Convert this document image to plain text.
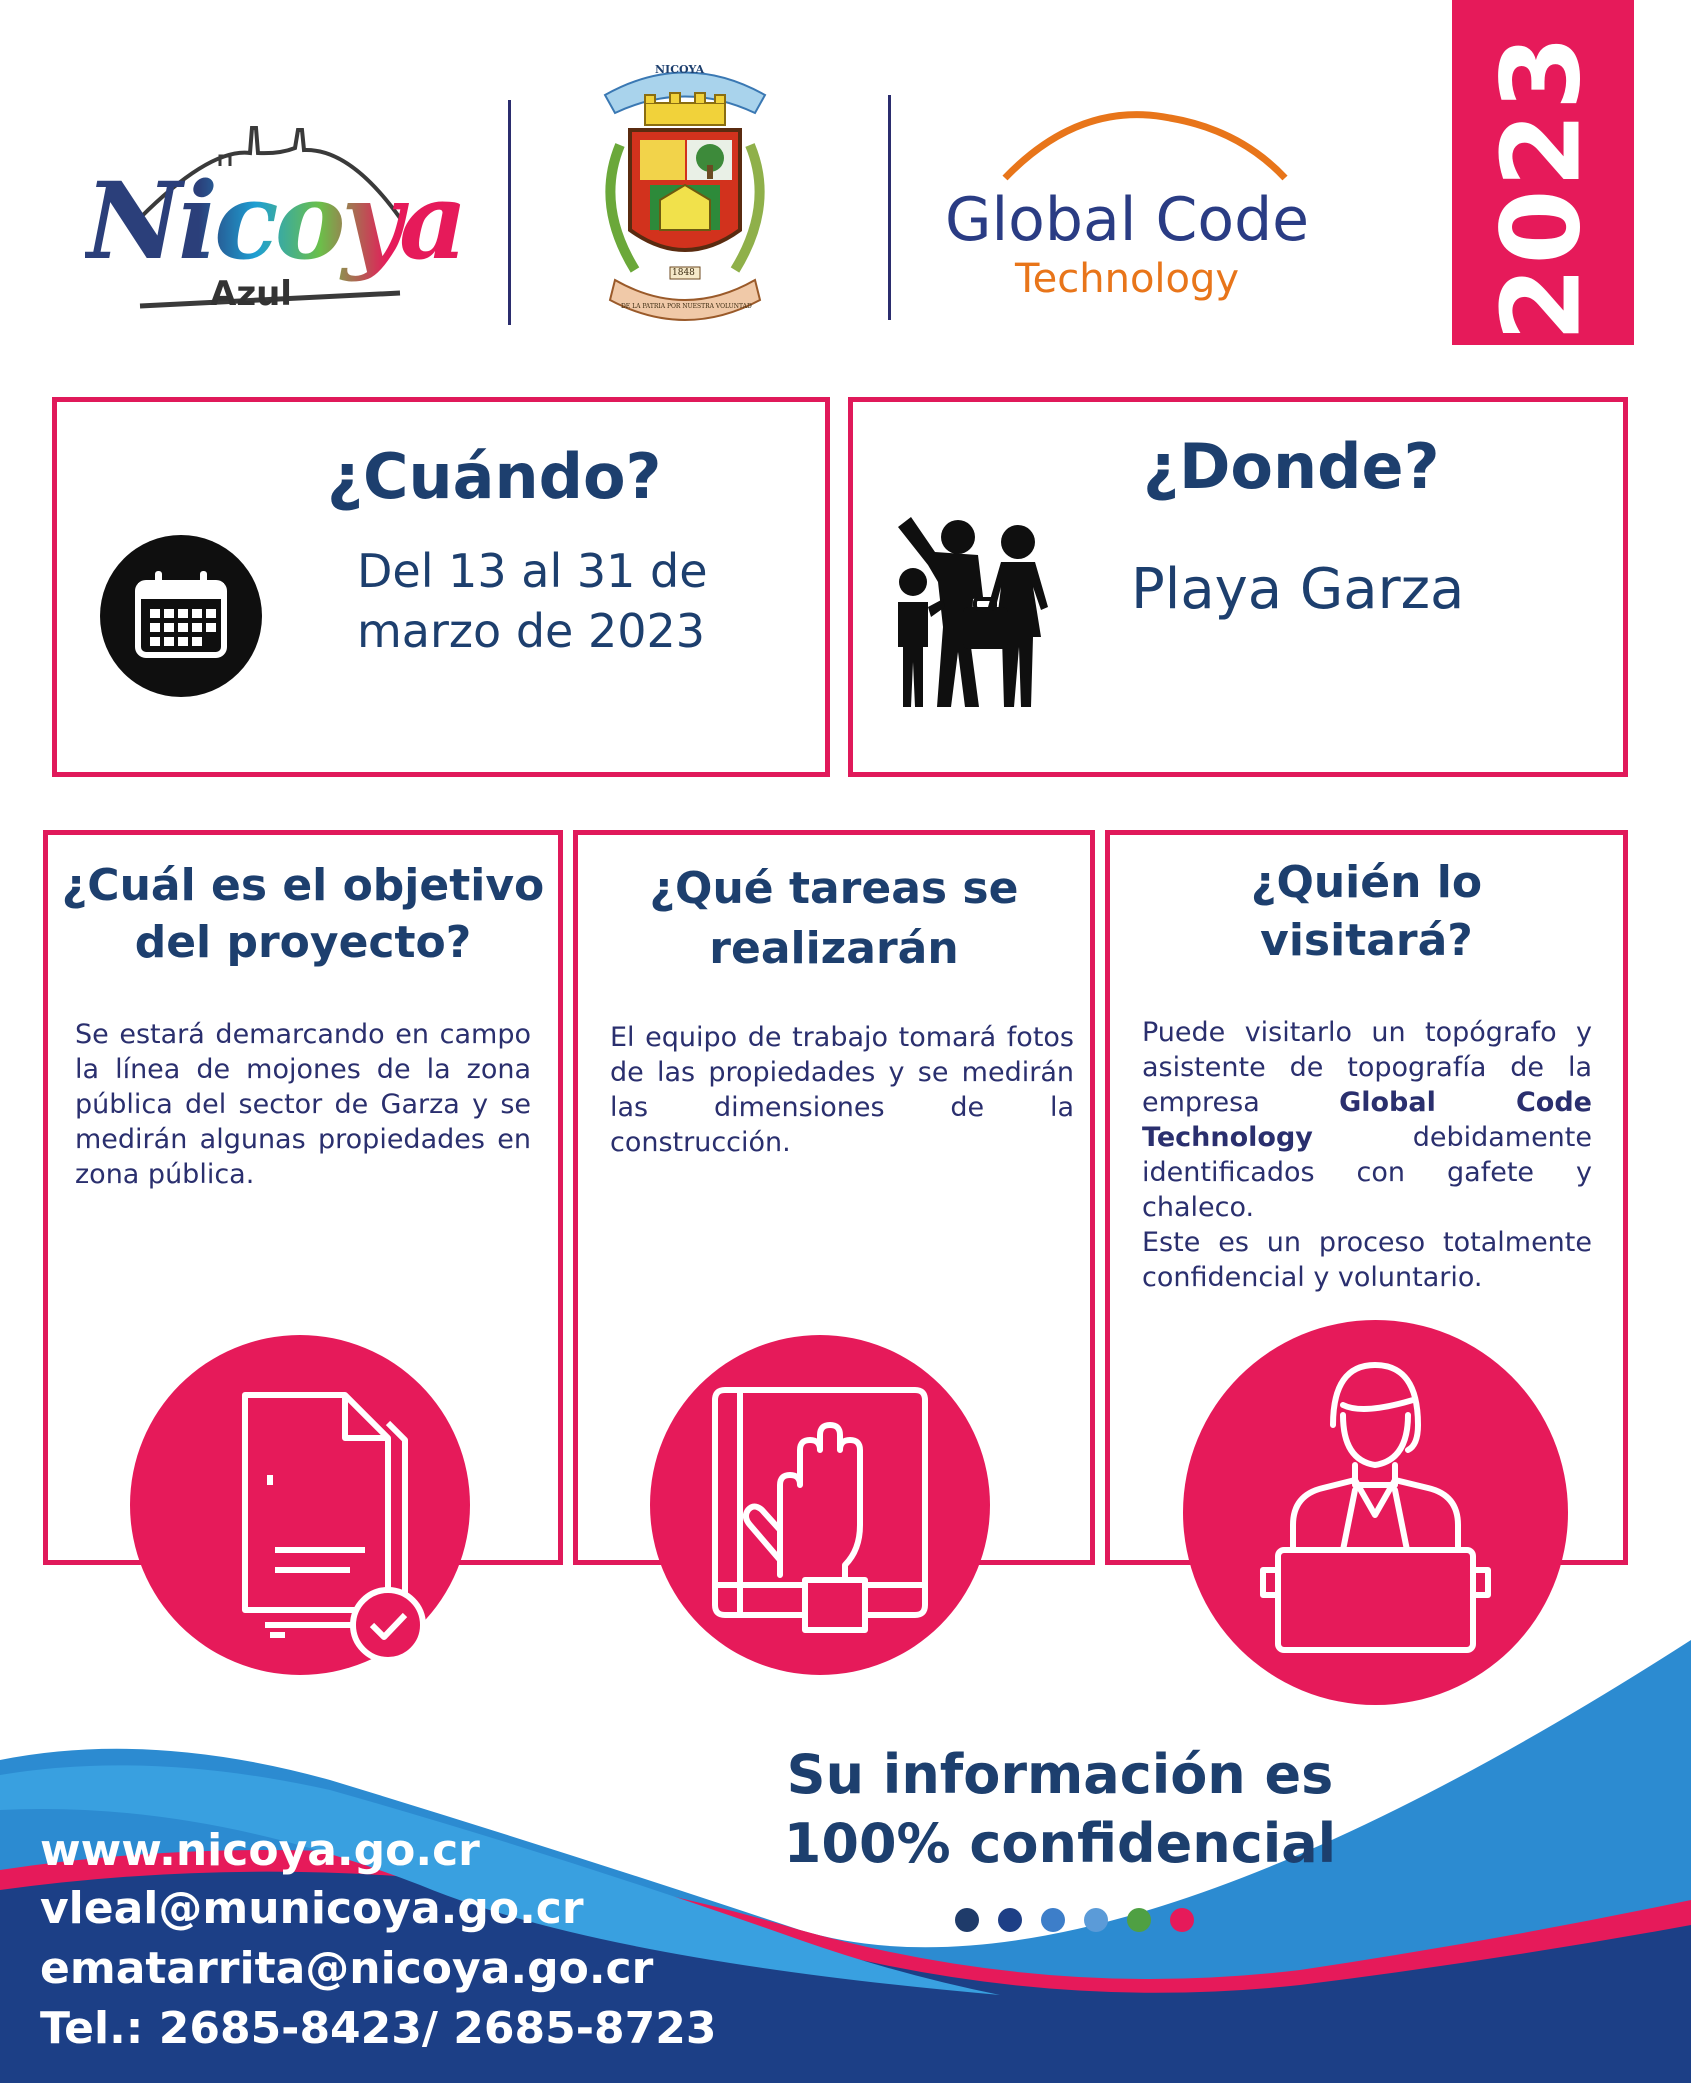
Nicoya
Azul
NICOYA
1848
DE LA PATRIA POR NUESTRA VOLUNTAD
Global Code
Technology 2023
¿Cuándo?
Del 13 al 31 de
marzo de 2023
¿Donde?
Playa Garza
¿Cuál es el objetivo
del proyecto?
Se estará demarcando en campo la línea de mojones de la zona pública del sector de Garza y se medirán algunas propiedades en zona pública.
¿Qué tareas se
realizarán
El equipo de trabajo tomará fotos de las propiedades y se medirán las dimensiones de la construcción.
¿Quién lo
visitará?
Puede visitarlo un topógrafo y asistente de topografía de la empresa Global Code Technology debidamente identificados con gafete y chaleco.
Este es un proceso totalmente confidencial y voluntario.
www.nicoya.go.cr
vleal@municoya.go.cr
ematarrita@nicoya.go.cr
Tel.: 2685-8423/ 2685-8723
Su información es
100% confidencial
